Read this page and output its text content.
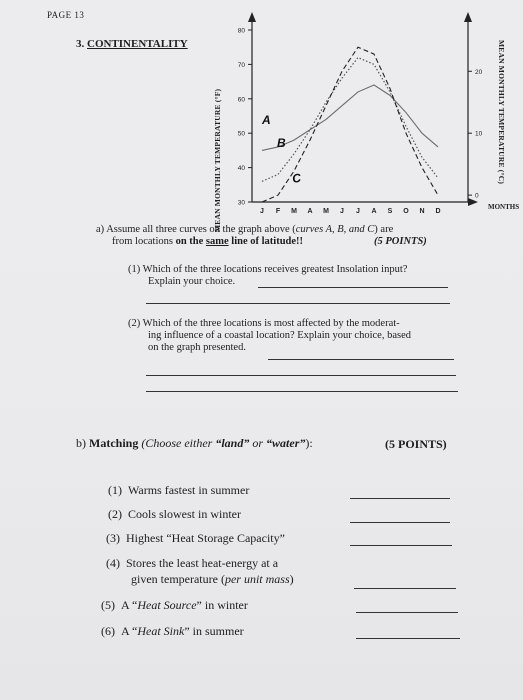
PAGE 13
3. CONTINENTALITY
30
40
50
60
70
80
0
10
20
J F M A M J J A S O N D
A
B
C
MEAN MONTHLY TEMPERATURE (°F)	MEAN MONTHLY TEMPERATURE (°C)
MONTHS
a) Assume all three curves on the graph above (curves A, B, and C) are
from locations on the same line of latitude!!	(5 POINTS)
(1) Which of the three locations receives greatest Insolation input?
Explain your choice.
(2) Which of the three locations is most affected by the moderat-
ing influence of a coastal location? Explain your choice, based
on the graph presented.
b) Matching (Choose either “land” or “water”):	(5 POINTS)
(1) Warms fastest in summer
(2) Cools slowest in winter
(3) Highest “Heat Storage Capacity”
(4) Stores the least heat-energy at a
given temperature (per unit mass)
(5) A “Heat Source” in winter
(6) A “Heat Sink” in summer
